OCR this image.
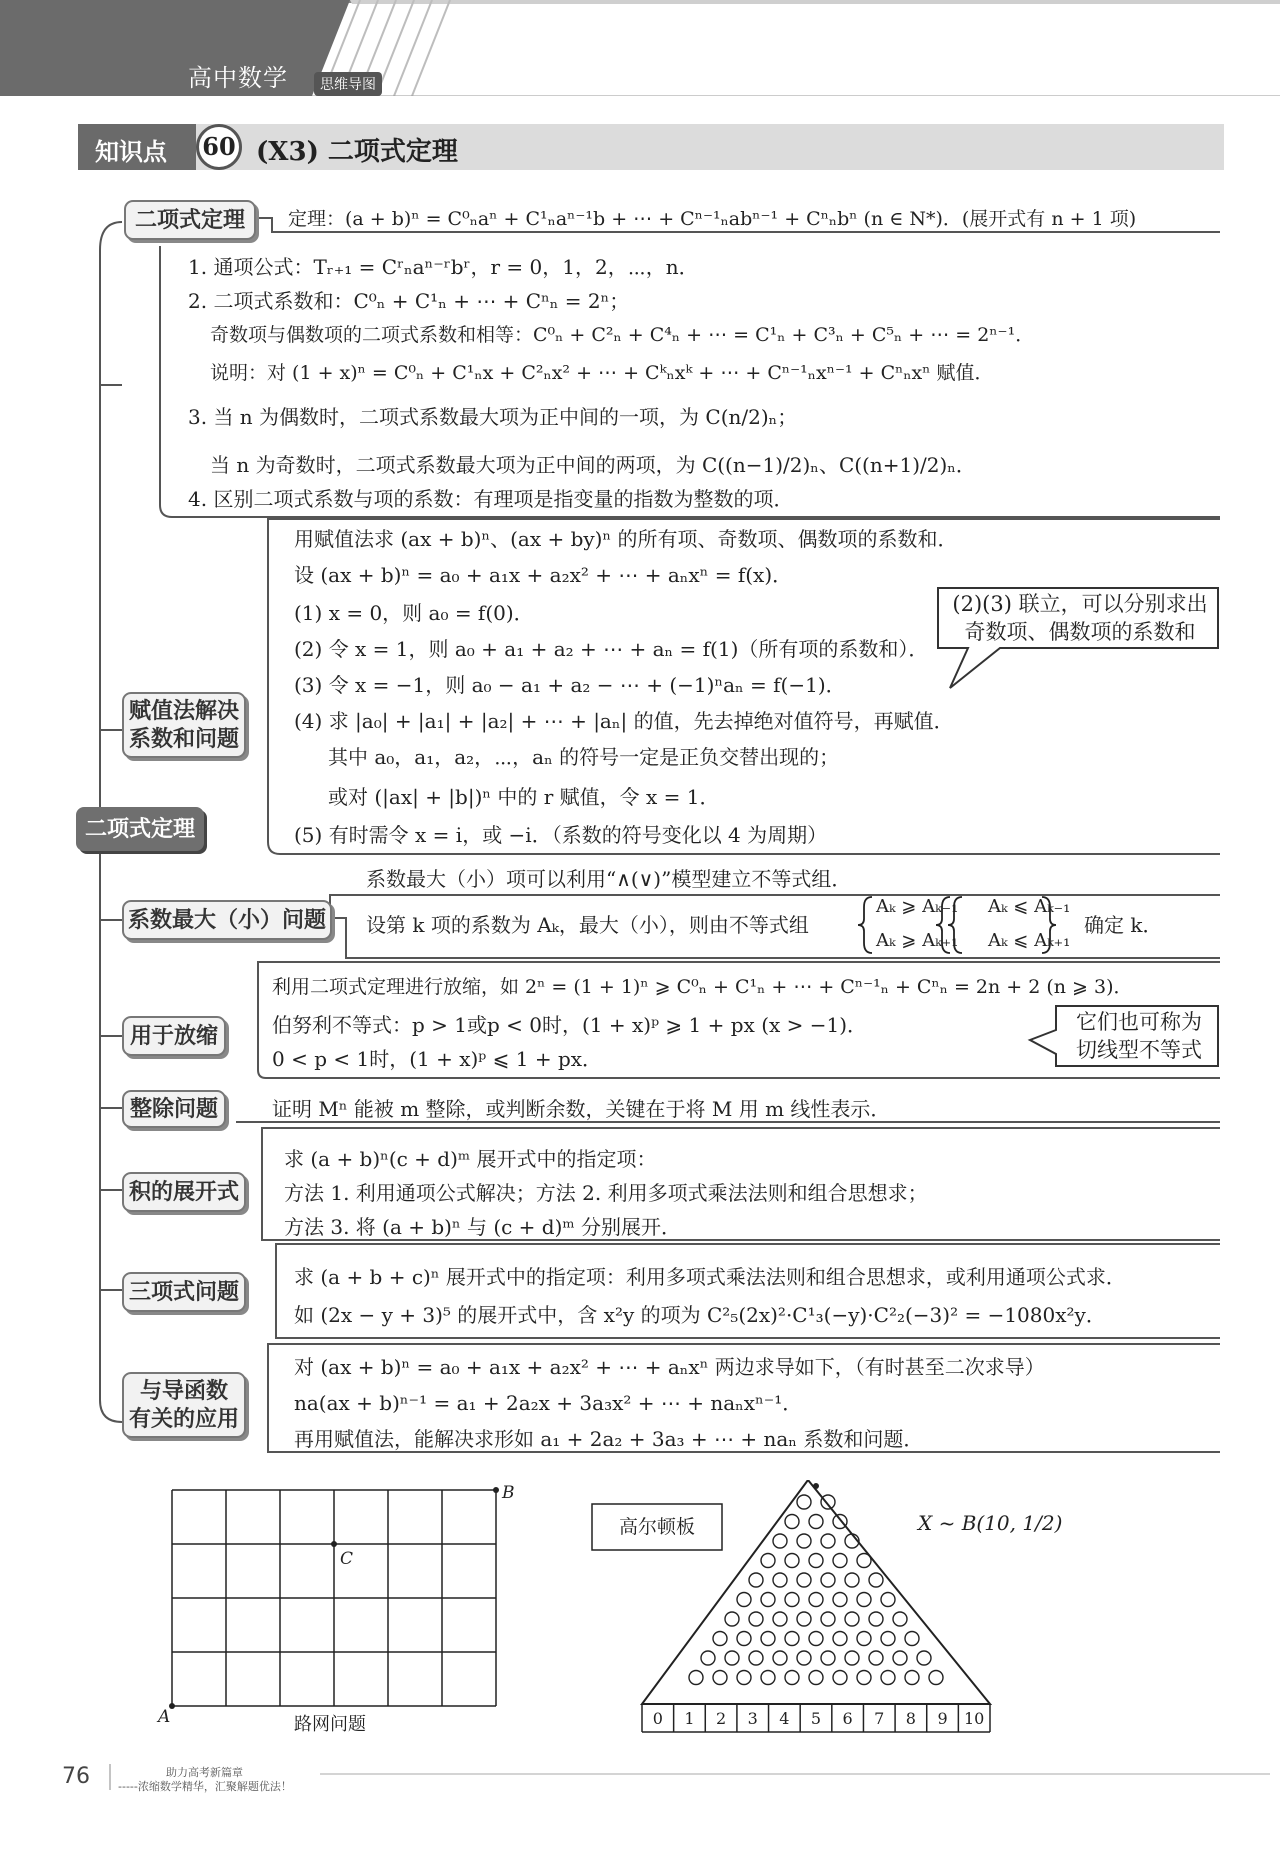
高中数学	思维导图
知识点 60 (X3) 二项式定理
二项式定理
二项式定理
赋值法解决
系数和问题
系数最大（小）问题
用于放缩
整除问题
积的展开式
三项式问题
与导函数
有关的应用
定理：(a + b)ⁿ = C⁰ₙaⁿ + C¹ₙaⁿ⁻¹b + ⋯ + Cⁿ⁻¹ₙabⁿ⁻¹ + Cⁿₙbⁿ (n ∈ N*)．(展开式有 n + 1 项)
1. 通项公式：Tᵣ₊₁ = Cʳₙaⁿ⁻ʳbʳ，r = 0，1，2，⋯，n．
2. 二项式系数和：C⁰ₙ + C¹ₙ + ⋯ + Cⁿₙ = 2ⁿ；
奇数项与偶数项的二项式系数和相等：C⁰ₙ + C²ₙ + C⁴ₙ + ⋯ = C¹ₙ + C³ₙ + C⁵ₙ + ⋯ = 2ⁿ⁻¹．
说明：对 (1 + x)ⁿ = C⁰ₙ + C¹ₙx + C²ₙx² + ⋯ + Cᵏₙxᵏ + ⋯ + Cⁿ⁻¹ₙxⁿ⁻¹ + Cⁿₙxⁿ 赋值．
3. 当 n 为偶数时，二项式系数最大项为正中间的一项，为 C(n/2)ₙ；
当 n 为奇数时，二项式系数最大项为正中间的两项，为 C((n−1)/2)ₙ、C((n+1)/2)ₙ．
4. 区别二项式系数与项的系数：有理项是指变量的指数为整数的项．
用赋值法求 (ax + b)ⁿ、(ax + by)ⁿ 的所有项、奇数项、偶数项的系数和．
设 (ax + b)ⁿ = a₀ + a₁x + a₂x² + ⋯ + aₙxⁿ = f(x)．
(1) x = 0，则 a₀ = f(0)．
(2) 令 x = 1，则 a₀ + a₁ + a₂ + ⋯ + aₙ = f(1)（所有项的系数和）．
(3) 令 x = −1，则 a₀ − a₁ + a₂ − ⋯ + (−1)ⁿaₙ = f(−1)．
(4) 求 |a₀| + |a₁| + |a₂| + ⋯ + |aₙ| 的值，先去掉绝对值符号，再赋值．
其中 a₀，a₁，a₂，⋯，aₙ 的符号一定是正负交替出现的；
或对 (|ax| + |b|)ⁿ 中的 r 赋值，令 x = 1．
(5) 有时需令 x = i，或 −i．（系数的符号变化以 4 为周期）
(2)(3) 联立，可以分别求出
奇数项、偶数项的系数和
系数最大（小）项可以利用“∧(∨)”模型建立不等式组．
设第 k 项的系数为 Aₖ，最大（小），则由不等式组
Aₖ ⩾ Aₖ₋₁
Aₖ ⩾ Aₖ₊₁
Aₖ ⩽ Aₖ₋₁
Aₖ ⩽ Aₖ₊₁
确定 k．
利用二项式定理进行放缩，如 2ⁿ = (1 + 1)ⁿ ⩾ C⁰ₙ + C¹ₙ + ⋯ + Cⁿ⁻¹ₙ + Cⁿₙ = 2n + 2 (n ⩾ 3)．
伯努利不等式：p > 1或p < 0时，(1 + x)ᵖ ⩾ 1 + px (x > −1)．
0 < p < 1时，(1 + x)ᵖ ⩽ 1 + px．
它们也可称为
切线型不等式
证明 Mⁿ 能被 m 整除，或判断余数，关键在于将 M 用 m 线性表示．
求 (a + b)ⁿ(c + d)ᵐ 展开式中的指定项：
方法 1. 利用通项公式解决；方法 2. 利用多项式乘法法则和组合思想求；
方法 3. 将 (a + b)ⁿ 与 (c + d)ᵐ 分别展开．
求 (a + b + c)ⁿ 展开式中的指定项：利用多项式乘法法则和组合思想求，或利用通项公式求．
如 (2x − y + 3)⁵ 的展开式中，含 x²y 的项为 C²₅(2x)²·C¹₃(−y)·C²₂(−3)² = −1080x²y．
对 (ax + b)ⁿ = a₀ + a₁x + a₂x² + ⋯ + aₙxⁿ 两边求导如下，（有时甚至二次求导）
na(ax + b)ⁿ⁻¹ = a₁ + 2a₂x + 3a₃x² + ⋯ + naₙxⁿ⁻¹．
再用赋值法，能解决求形如 a₁ + 2a₂ + 3a₃ + ⋯ + naₙ 系数和问题．
A
B
C
路网问题
高尔顿板	X ~ B(10, 1/2)
0	1	2	3	4	5	6	7	8	9	10
76	助力高考新篇章
-----浓缩数学精华，汇聚解题优法！
